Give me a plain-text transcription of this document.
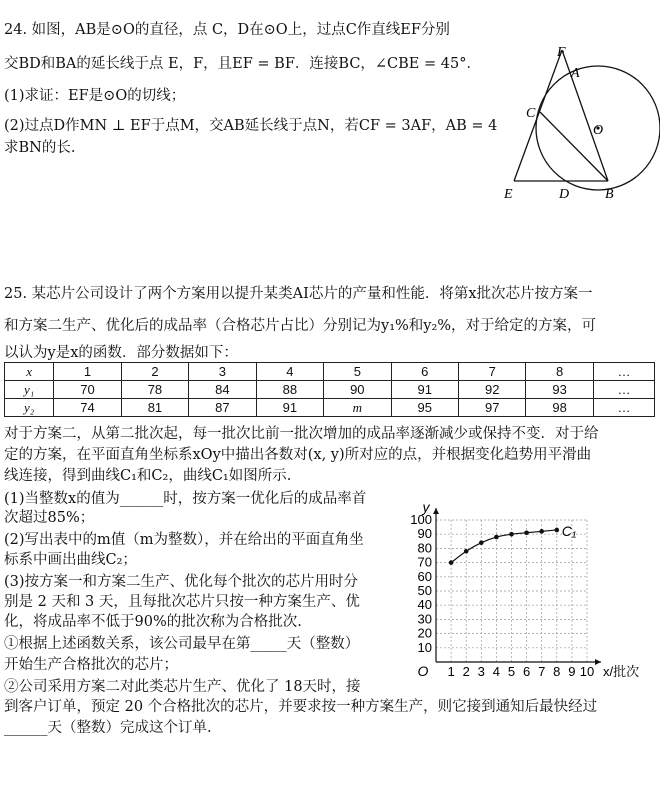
24. 如图，AB是⊙O的直径，点 C，D在⊙O上，过点C作直线EF分别
交BD和BA的延长线于点 E，F，且EF = BF．连接BC，∠CBE = 45°．
(1)求证：EF是⊙O的切线；
(2)过点D作MN ⊥ EF于点M，交AB延长线于点N，若CF = 3AF，AB = 4
求BN的长.
F
A
C
O
E	D	B
25. 某芯片公司设计了两个方案用以提升某类AI芯片的产量和性能．将第x批次芯片按方案一
和方案二生产、优化后的成品率（合格芯片占比）分别记为y₁%和y₂%，对于给定的方案，可
以认为y是x的函数．部分数据如下：
x	1	2	3	4	5	6	7	8	…
y₁	70	78	84	88	90	91	92	93	…
y₂	74	81	87	91	m	95	97	98	…
对于方案二，从第二批次起，每一批次比前一批次增加的成品率逐渐减少或保持不变．对于给
定的方案，在平面直角坐标系xOy中描出各数对(x, y)所对应的点，并根据变化趋势用平滑曲
线连接，得到曲线C₁和C₂，曲线C₁如图所示.
(1)当整数x的值为______时，按方案一优化后的成品率首
次超过85%；
(2)写出表中的m值（m为整数），并在给出的平面直角坐
标系中画出曲线C₂；
(3)按方案一和方案二生产、优化每个批次的芯片用时分
别是 2 天和 3 天，且每批次芯片只按一种方案生产、优
化，将成品率不低于90%的批次称为合格批次.
①根据上述函数关系，该公司最早在第_____天（整数）
开始生产合格批次的芯片；
②公司采用方案二对此类芯片生产、优化了 18天时，接
到客户订单，预定 20 个合格批次的芯片，并要求按一种方案生产，则它接到通知后最快经过
______天（整数）完成这个订单.
1 2 3 4 5 6 7 8 9 10
10
20
30
40
50
60
70
80
90
100
O
y
x/批次
C₁
